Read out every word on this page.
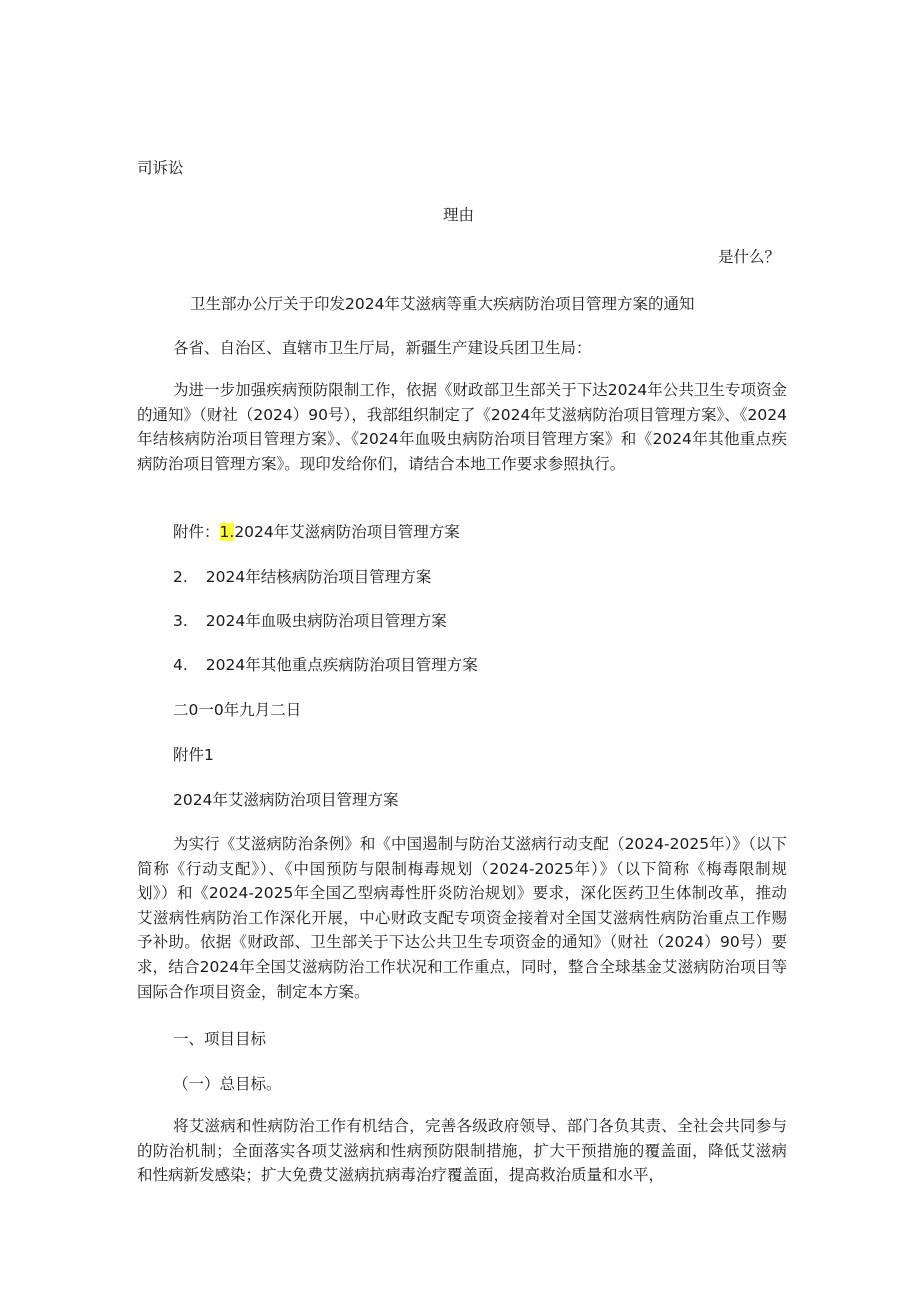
司诉讼
理由
是什么？
卫生部办公厅关于印发2024年艾滋病等重大疾病防治项目管理方案的通知
各省、自治区、直辖市卫生厅局，新疆生产建设兵团卫生局：
为进一步加强疾病预防限制工作，依据《财政部卫生部关于下达2024年公共卫生专项资金的通知》（财社（2024）90号），我部组织制定了《2024年艾滋病防治项目管理方案》、《2024年结核病防治项目管理方案》、《2024年血吸虫病防治项目管理方案》和《2024年其他重点疾病防治项目管理方案》。现印发给你们，请结合本地工作要求参照执行。
附件：1.2024年艾滋病防治项目管理方案
2. 2024年结核病防治项目管理方案
3. 2024年血吸虫病防治项目管理方案
4. 2024年其他重点疾病防治项目管理方案
二0一0年九月二日
附件1
2024年艾滋病防治项目管理方案
为实行《艾滋病防治条例》和《中国遏制与防治艾滋病行动支配（2024-2025年）》（以下简称《行动支配》）、《中国预防与限制梅毒规划（2024-2025年）》（以下简称《梅毒限制规划》）和《2024-2025年全国乙型病毒性肝炎防治规划》要求，深化医药卫生体制改革，推动艾滋病性病防治工作深化开展，中心财政支配专项资金接着对全国艾滋病性病防治重点工作赐予补助。依据《财政部、卫生部关于下达公共卫生专项资金的通知》（财社（2024）90号）要求，结合2024年全国艾滋病防治工作状况和工作重点，同时，整合全球基金艾滋病防治项目等国际合作项目资金，制定本方案。
一、项目目标
（一）总目标。
将艾滋病和性病防治工作有机结合，完善各级政府领导、部门各负其责、全社会共同参与的防治机制；全面落实各项艾滋病和性病预防限制措施，扩大干预措施的覆盖面，降低艾滋病和性病新发感染；扩大免费艾滋病抗病毒治疗覆盖面，提高救治质量和水平，
